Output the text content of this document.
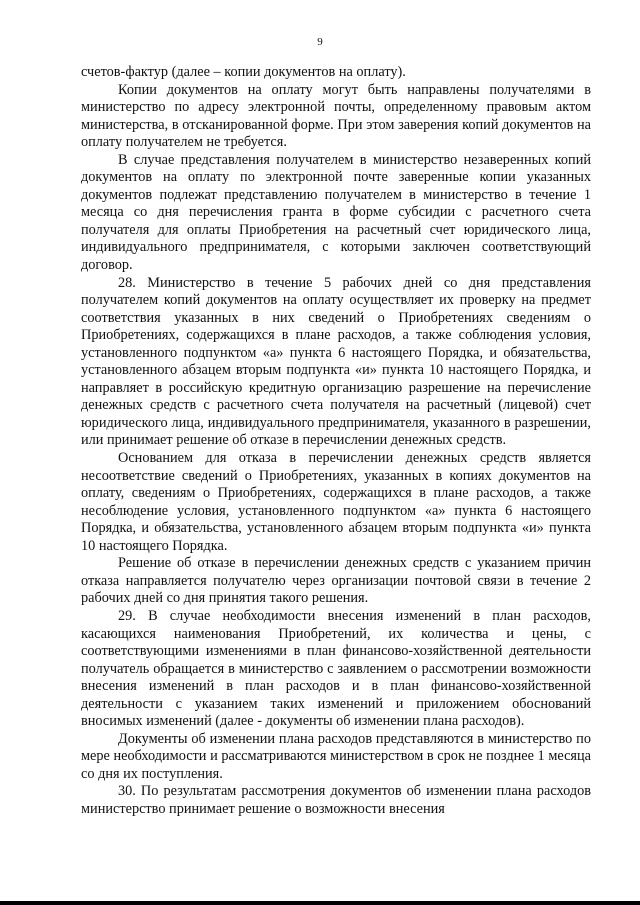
9

счетов-фактур (далее – копии документов на оплату).

Копии документов на оплату могут быть направлены получателями в министерство по адресу электронной почты, определенному правовым актом министерства, в отсканированной форме. При этом заверения копий документов на оплату получателем не требуется.

В случае представления получателем в министерство незаверенных копий документов на оплату по электронной почте заверенные копии указанных документов подлежат представлению получателем в министерство в течение 1 месяца со дня перечисления гранта в форме субсидии с расчетного счета получателя для оплаты Приобретения на расчетный счет юридического лица, индивидуального предпринимателя, с которыми заключен соответствующий договор.

28. Министерство в течение 5 рабочих дней со дня представления получателем копий документов на оплату осуществляет их проверку на предмет соответствия указанных в них сведений о Приобретениях сведениям о Приобретениях, содержащихся в плане расходов, а также соблюдения условия, установленного подпунктом «а» пункта 6 настоящего Порядка, и обязательства, установленного абзацем вторым подпункта «и» пункта 10 настоящего Порядка, и направляет в российскую кредитную организацию разрешение на перечисление денежных средств с расчетного счета получателя на расчетный (лицевой) счет юридического лица, индивидуального предпринимателя, указанного в разрешении, или принимает решение об отказе в перечислении денежных средств.

Основанием для отказа в перечислении денежных средств является несоответствие сведений о Приобретениях, указанных в копиях документов на оплату, сведениям о Приобретениях, содержащихся в плане расходов, а также несоблюдение условия, установленного подпунктом «а» пункта 6 настоящего Порядка, и обязательства, установленного абзацем вторым подпункта «и» пункта 10 настоящего Порядка.

Решение об отказе в перечислении денежных средств с указанием причин отказа направляется получателю через организации почтовой связи в течение 2 рабочих дней со дня принятия такого решения.

29. В случае необходимости внесения изменений в план расходов, касающихся наименования Приобретений, их количества и цены, с соответствующими изменениями в план финансово-хозяйственной деятельности получатель обращается в министерство с заявлением о рассмотрении возможности внесения изменений в план расходов и в план финансово-хозяйственной деятельности с указанием таких изменений и приложением обоснований вносимых изменений (далее - документы об изменении плана расходов).

Документы об изменении плана расходов представляются в министерство по мере необходимости и рассматриваются министерством в срок не позднее 1 месяца со дня их поступления.

30. По результатам рассмотрения документов об изменении плана расходов министерство принимает решение о возможности внесения
